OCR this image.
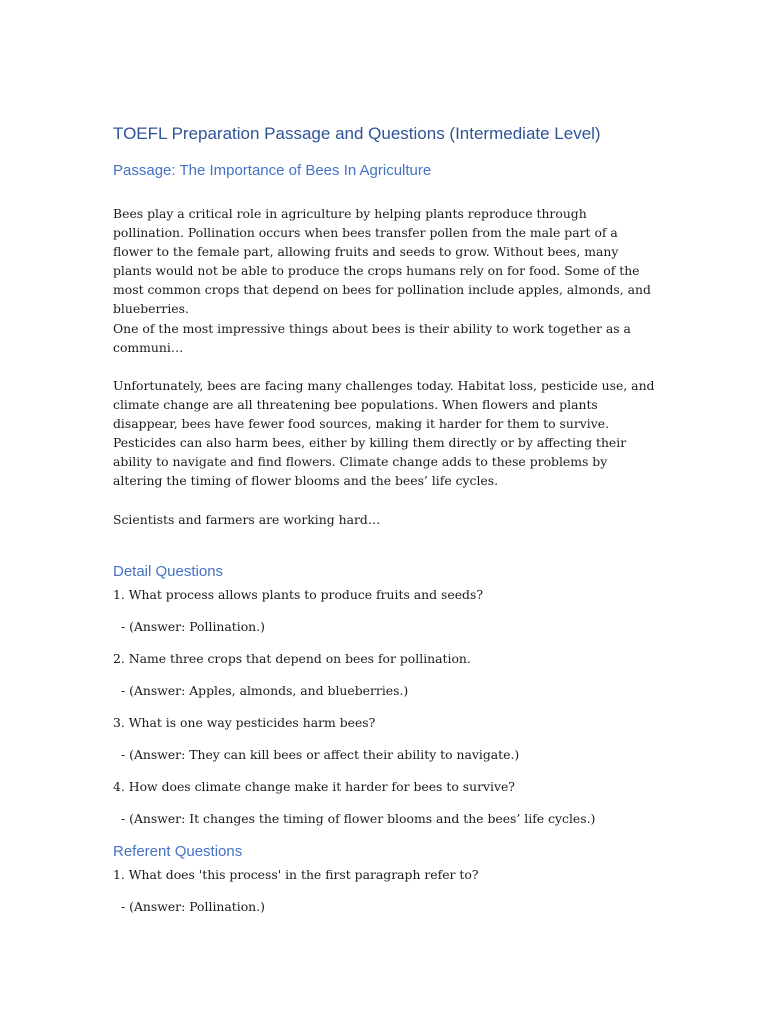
TOEFL Preparation Passage and Questions (Intermediate Level)
Passage: The Importance of Bees In Agriculture

Bees play a critical role in agriculture by helping plants reproduce through pollination. Pollination occurs when bees transfer pollen from the male part of a flower to the female part, allowing fruits and seeds to grow. Without bees, many plants would not be able to produce the crops humans rely on for food. Some of the most common crops that depend on bees for pollination include apples, almonds, and blueberries.

One of the most impressive things about bees is their ability to work together as a communi…

Unfortunately, bees are facing many challenges today. Habitat loss, pesticide use, and climate change are all threatening bee populations. When flowers and plants disappear, bees have fewer food sources, making it harder for them to survive. Pesticides can also harm bees, either by killing them directly or by affecting their ability to navigate and find flowers. Climate change adds to these problems by altering the timing of flower blooms and the bees’ life cycles.

Scientists and farmers are working hard…

Detail Questions

1. What process allows plants to produce fruits and seeds?

- (Answer: Pollination.)

2. Name three crops that depend on bees for pollination.

- (Answer: Apples, almonds, and blueberries.)

3. What is one way pesticides harm bees?

- (Answer: They can kill bees or affect their ability to navigate.)

4. How does climate change make it harder for bees to survive?

- (Answer: It changes the timing of flower blooms and the bees’ life cycles.)

Referent Questions

1. What does 'this process' in the first paragraph refer to?

- (Answer: Pollination.)
